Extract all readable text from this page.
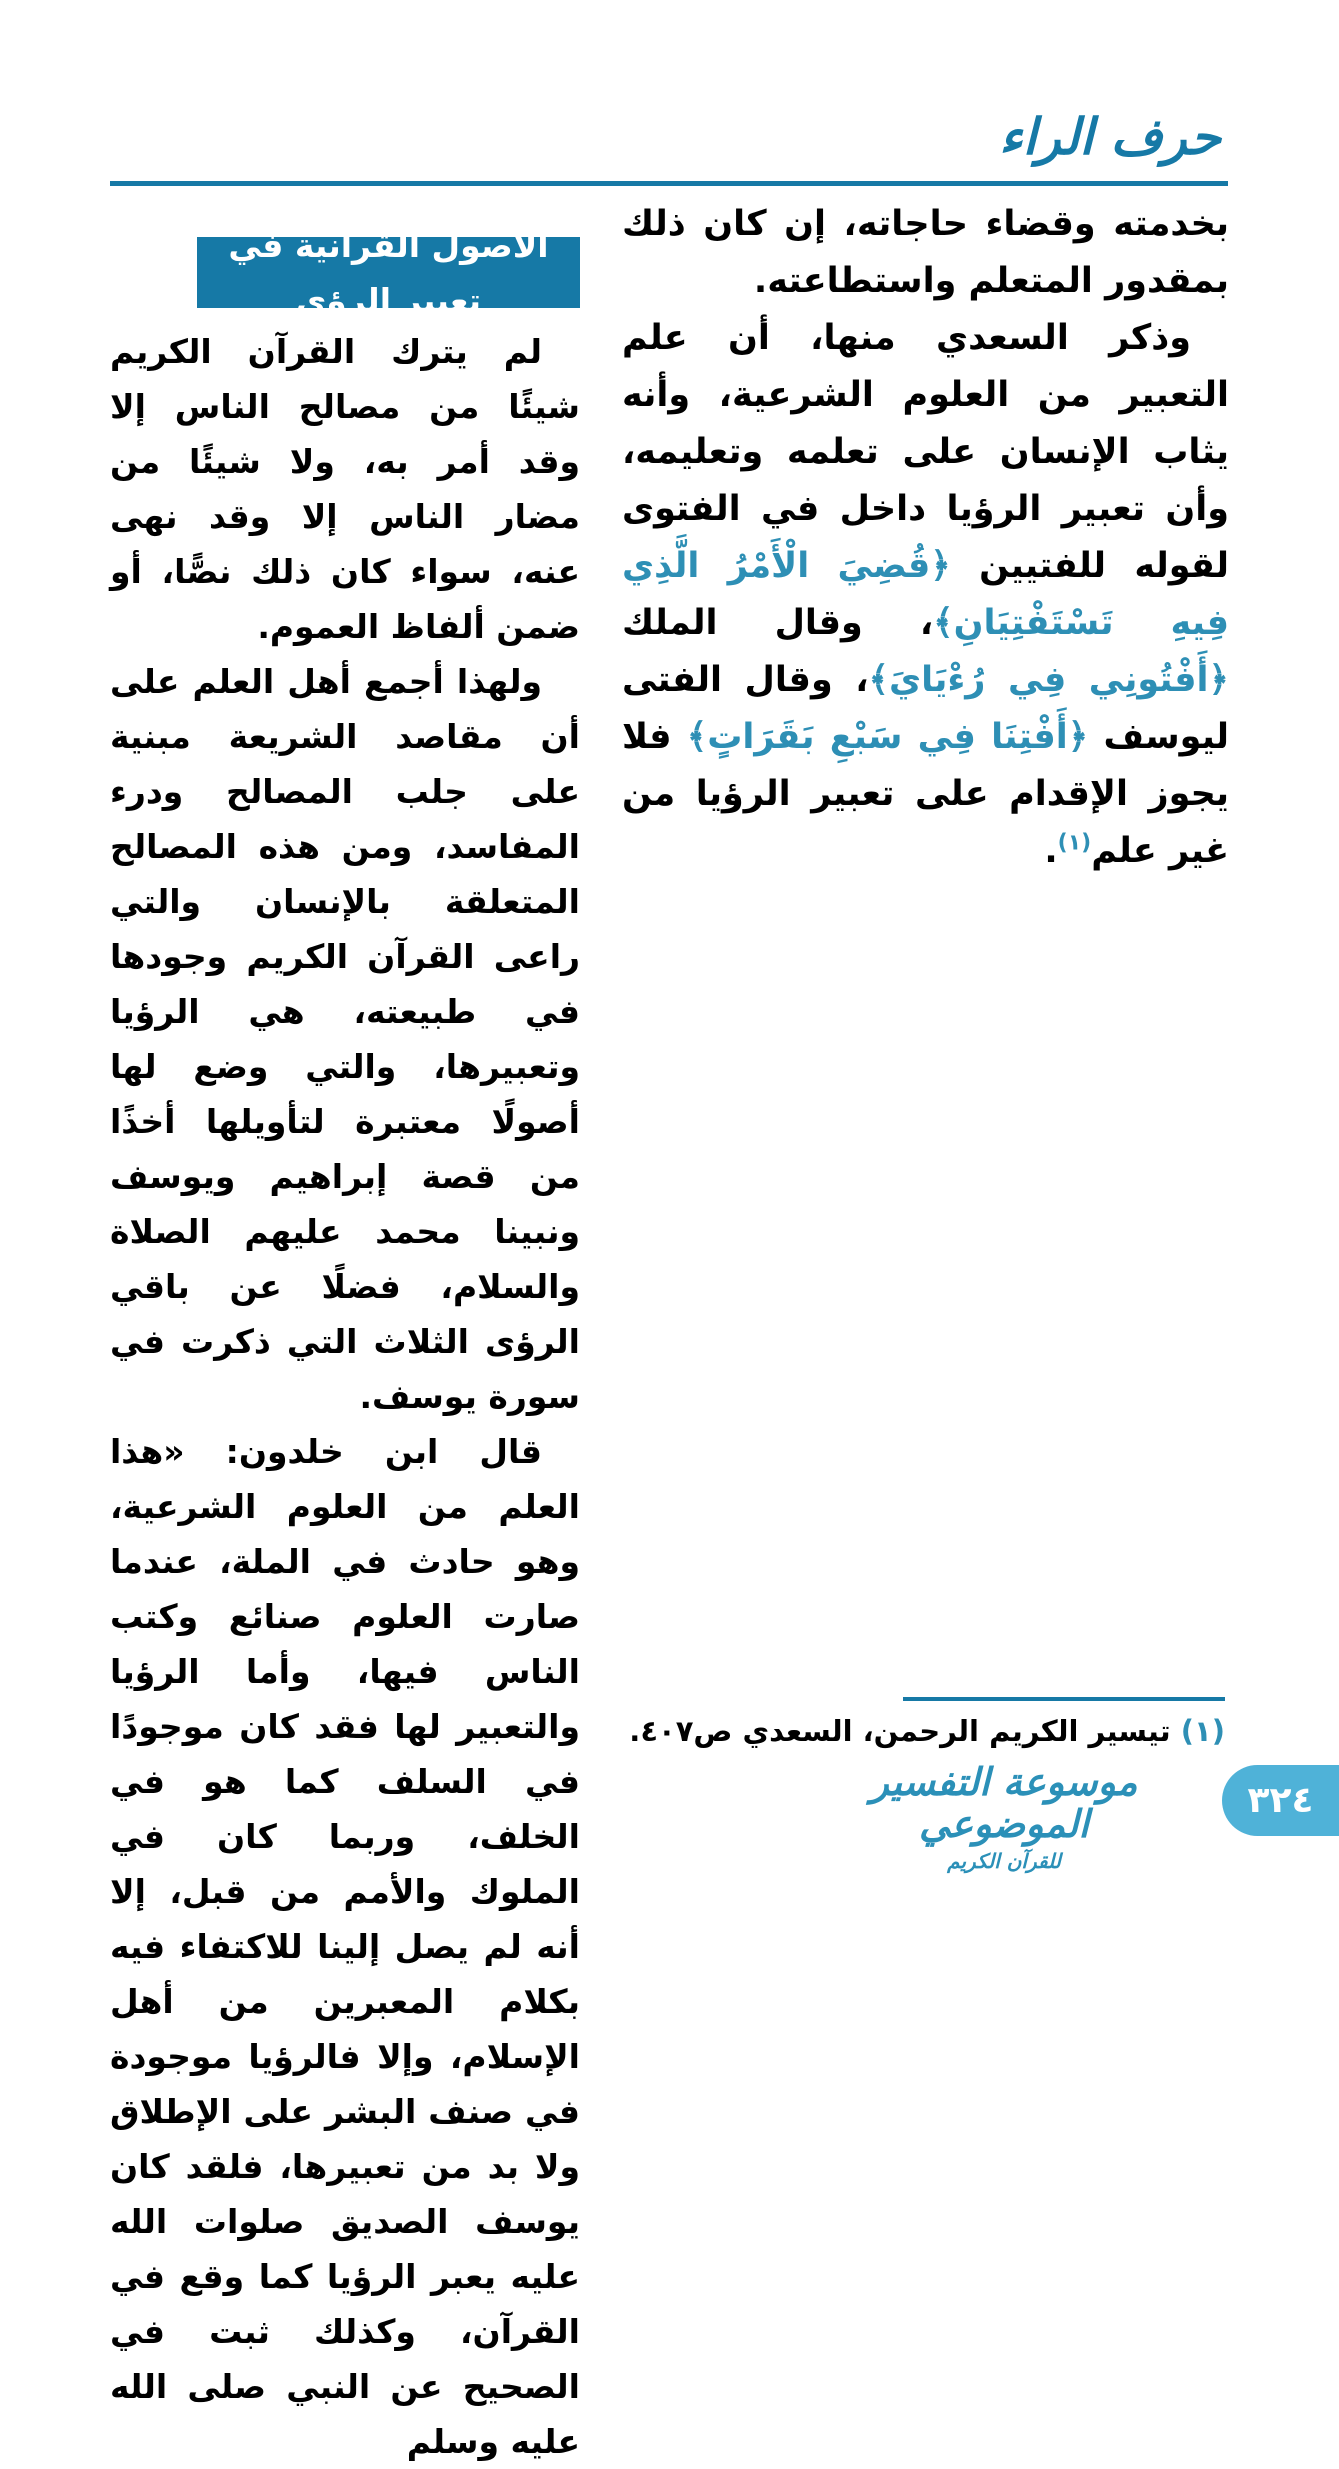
حرف الراء

بخدمته وقضاء حاجاته، إن كان ذلك بمقدور المتعلم واستطاعته.

وذكر السعدي منها، أن علم التعبير من العلوم الشرعية، وأنه يثاب الإنسان على تعلمه وتعليمه، وأن تعبير الرؤيا داخل في الفتوى لقوله للفتيين ﴿قُضِيَ الْأَمْرُ الَّذِي فِيهِ تَسْتَفْتِيَانِ﴾، وقال الملك ﴿أَفْتُونِي فِي رُءْيَايَ﴾، وقال الفتى ليوسف ﴿أَفْتِنَا فِي سَبْعِ بَقَرَاتٍ﴾ فلا يجوز الإقدام على تعبير الرؤيا من غير علم$^{(١)}$.

الأصول القرآنية في تعبير الرؤى

لم يترك القرآن الكريم شيئًا من مصالح الناس إلا وقد أمر به، ولا شيئًا من مضار الناس إلا وقد نهى عنه، سواء كان ذلك نصًّا، أو ضمن ألفاظ العموم.

ولهذا أجمع أهل العلم على أن مقاصد الشريعة مبنية على جلب المصالح ودرء المفاسد، ومن هذه المصالح المتعلقة بالإنسان والتي راعى القرآن الكريم وجودها في طبيعته، هي الرؤيا وتعبيرها، والتي وضع لها أصولًا معتبرة لتأويلها أخذًا من قصة إبراهيم ويوسف ونبينا محمد عليهم الصلاة والسلام، فضلًا عن باقي الرؤى الثلاث التي ذكرت في سورة يوسف.

قال ابن خلدون: «هذا العلم من العلوم الشرعية، وهو حادث في الملة، عندما صارت العلوم صنائع وكتب الناس فيها، وأما الرؤيا والتعبير لها فقد كان موجودًا في السلف كما هو في الخلف، وربما كان في الملوك والأمم من قبل، إلا أنه لم يصل إلينا للاكتفاء فيه بكلام المعبرين من أهل الإسلام، وإلا فالرؤيا موجودة في صنف البشر على الإطلاق ولا بد من تعبيرها، فلقد كان يوسف الصديق صلوات الله عليه يعبر الرؤيا كما وقع في القرآن، وكذلك ثبت في الصحيح عن النبي صلى الله عليه وسلم

(١) تيسير الكريم الرحمن، السعدي ص٤٠٧.
موسوعة التفسير الموضوعي
للقرآن الكريم
٣٢٤
